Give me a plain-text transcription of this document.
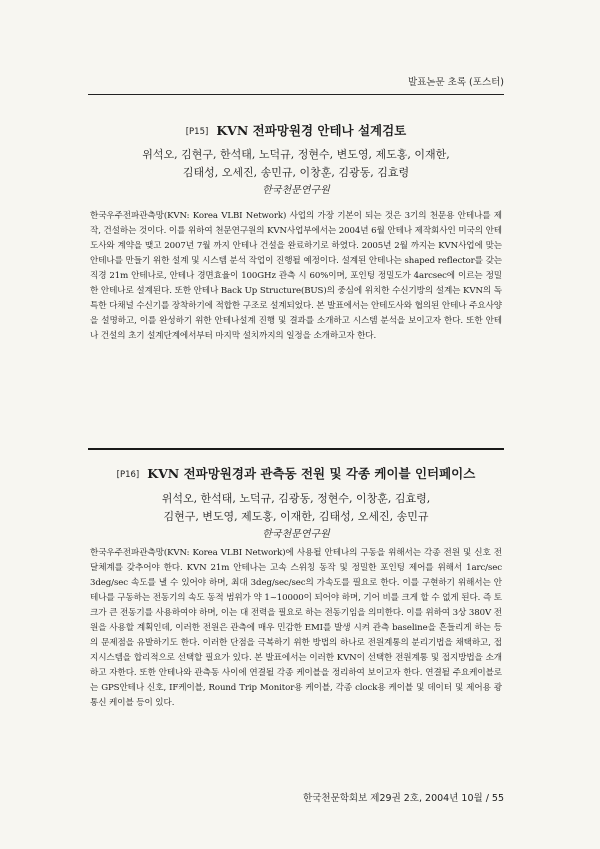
발표논문 초록 (포스터)
[P15] KVN 전파망원경 안테나 설계검토
위석오, 김현구, 한석태, 노덕규, 정현수, 변도영, 제도홍, 이재한,
김태성, 오세진, 송민규, 이창훈, 김광동, 김효령
한국천문연구원
한국우주전파관측망(KVN: Korea VLBI Network) 사업의 가장 기본이 되는 것은 3기의 천문용 안테나를 제작, 건설하는 것이다. 이를 위하여 천문연구원의 KVN사업부에서는 2004년 6월 안테나 제작회사인 미국의 안테도사와 계약을 맺고 2007년 7월 까지 안테나 건설을 완료하기로 하였다. 2005년 2월 까지는 KVN사업에 맞는 안테나를 만들기 위한 설계 및 시스템 분석 작업이 진행될 예정이다. 설계된 안테나는 shaped reflector를 갖는 직경 21m 안테나로, 안테나 경면효율이 100GHz 관측 시 60%이며, 포인팅 정밀도가 4arcsec에 이르는 정밀한 안테나로 설계된다. 또한 안테나 Back Up Structure(BUS)의 중심에 위치한 수신기방의 설계는 KVN의 독특한 다채널 수신기를 장착하기에 적합한 구조로 설계되었다. 본 발표에서는 안테도사와 협의된 안테나 주요사양을 설명하고, 이를 완성하기 위한 안테나설계 진행 및 결과를 소개하고 시스템 분석을 보이고자 한다. 또한 안테나 건설의 초기 설계단계에서부터 마지막 설치까지의 일정을 소개하고자 한다.
[P16] KVN 전파망원경과 관측동 전원 및 각종 케이블 인터페이스
위석오, 한석태, 노덕규, 김광동, 정현수, 이창훈, 김효령,
김현구, 변도영, 제도홍, 이재한, 김태성, 오세진, 송민규
한국천문연구원
한국우주전파관측망(KVN: Korea VLBI Network)에 사용될 안테나의 구동을 위해서는 각종 전원 및 신호 전달체계를 갖추어야 한다. KVN 21m 안테나는 고속 스위칭 동작 및 정밀한 포인팅 제어를 위해서 1arc/sec 3deg/sec 속도를 낼 수 있어야 하며, 최대 3deg/sec/sec의 가속도를 필요로 한다. 이를 구현하기 위해서는 안테나를 구동하는 전동기의 속도 동적 범위가 약 1~10000이 되어야 하며, 기어 비를 크게 할 수 없게 된다. 즉 토크가 큰 전동기를 사용하여야 하며, 이는 대 전력을 필요로 하는 전동기임을 의미한다. 이를 위하여 3상 380V 전원을 사용할 계획인데, 이러한 전원은 관측에 매우 민감한 EMI를 발생 시켜 관측 baseline을 흔들리게 하는 등의 문제점을 유발하기도 한다. 이러한 단점을 극복하기 위한 방법의 하나로 전원계통의 분리기법을 채택하고, 접지시스템을 합리적으로 선택할 필요가 있다. 본 발표에서는 이러한 KVN이 선택한 전원계통 및 접지방법을 소개하고 자한다. 또한 안테나와 관측동 사이에 연결될 각종 케이블을 정리하여 보이고자 한다. 연결될 주요케이블로는 GPS안테나 신호, IF케이블, Round Trip Monitor용 케이블, 각종 clock용 케이블 및 데이터 및 제어용 광통신 케이블 등이 있다.
한국천문학회보 제29권 2호, 2004년 10월 / 55
